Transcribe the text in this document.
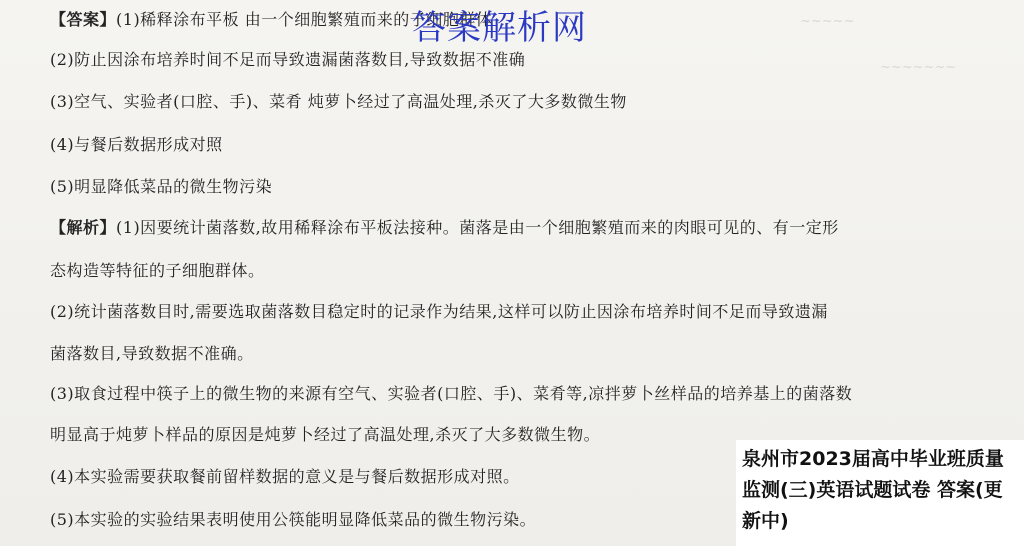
~~~~~
~~~~~~~
【答案】(1)稀释涂布平板 由一个细胞繁殖而来的子细胞群体
(2)防止因涂布培养时间不足而导致遗漏菌落数目,导致数据不准确
(3)空气、实验者(口腔、手)、菜肴 炖萝卜经过了高温处理,杀灭了大多数微生物
(4)与餐后数据形成对照
(5)明显降低菜品的微生物污染
【解析】(1)因要统计菌落数,故用稀释涂布平板法接种。菌落是由一个细胞繁殖而来的肉眼可见的、有一定形
态构造等特征的子细胞群体。
(2)统计菌落数目时,需要选取菌落数目稳定时的记录作为结果,这样可以防止因涂布培养时间不足而导致遗漏
菌落数目,导致数据不准确。
(3)取食过程中筷子上的微生物的来源有空气、实验者(口腔、手)、菜肴等,凉拌萝卜丝样品的培养基上的菌落数
明显高于炖萝卜样品的原因是炖萝卜经过了高温处理,杀灭了大多数微生物。
(4)本实验需要获取餐前留样数据的意义是与餐后数据形成对照。
(5)本实验的实验结果表明使用公筷能明显降低菜品的微生物污染。
答案解析网
泉州市2023届高中毕业班质量监测(三)英语试题试卷 答案(更新中)
